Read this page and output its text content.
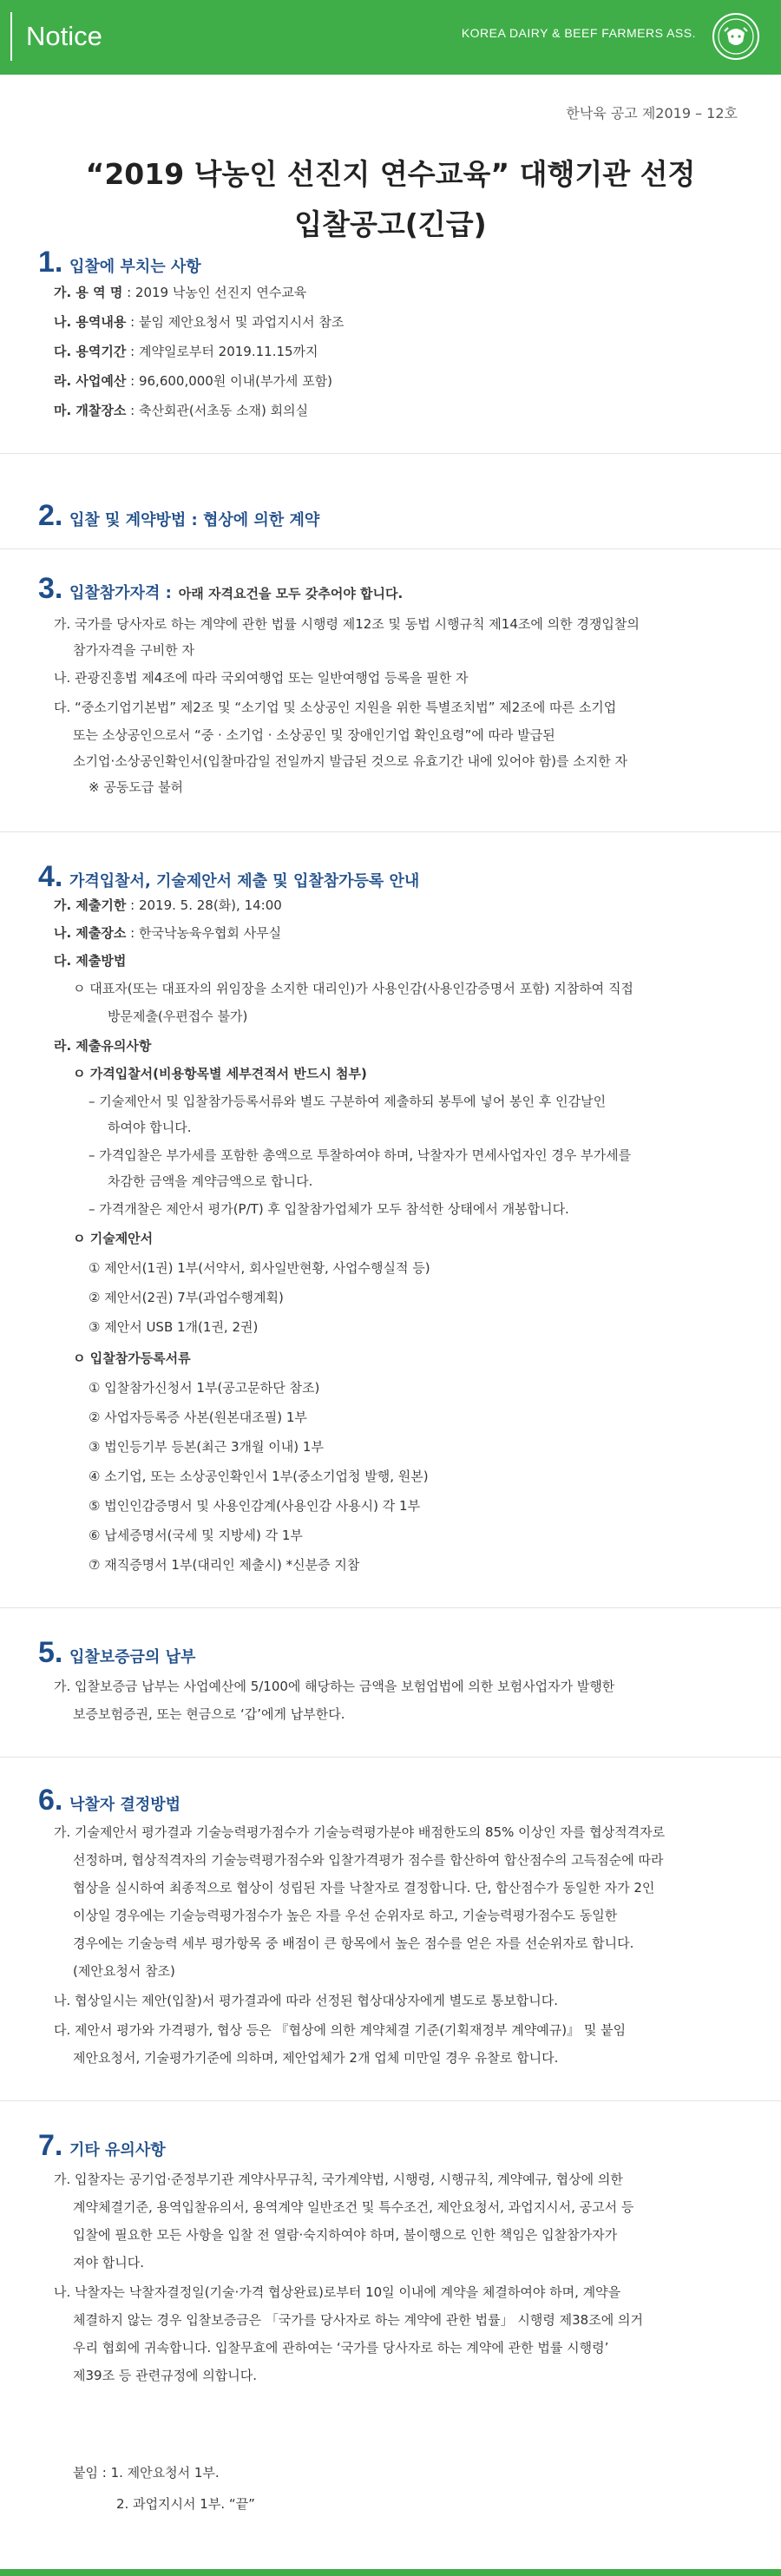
Notice	KOREA DAIRY & BEEF FARMERS ASS.
한낙육 공고 제2019 – 12호
“2019 낙농인 선진지 연수교육” 대행기관 선정
입찰공고(긴급)
1. 입찰에 부치는 사항
가. 용 역 명 : 2019 낙농인 선진지 연수교육
나. 용역내용 : 붙임 제안요청서 및 과업지시서 참조
다. 용역기간 : 계약일로부터 2019.11.15까지
라. 사업예산 : 96,600,000원 이내(부가세 포함)
마. 개찰장소 : 축산회관(서초동 소재) 회의실
2. 입찰 및 계약방법 : 협상에 의한 계약
3. 입찰참가자격 : 아래 자격요건을 모두 갖추어야 합니다.
가. 국가를 당사자로 하는 계약에 관한 법률 시행령 제12조 및 동법 시행규칙 제14조에 의한 경쟁입찰의
참가자격을 구비한 자
나. 관광진흥법 제4조에 따라 국외여행업 또는 일반여행업 등록을 필한 자
다. “중소기업기본법” 제2조 및 “소기업 및 소상공인 지원을 위한 특별조치법” 제2조에 따른 소기업
또는 소상공인으로서 “중 · 소기업 · 소상공인 및 장애인기업 확인요령”에 따라 발급된
소기업·소상공인확인서(입찰마감일 전일까지 발급된 것으로 유효기간 내에 있어야 함)를 소지한 자
※ 공동도급 불허
4. 가격입찰서, 기술제안서 제출 및 입찰참가등록 안내
가. 제출기한 : 2019. 5. 28(화), 14:00
나. 제출장소 : 한국낙농육우협회 사무실
다. 제출방법
ㅇ 대표자(또는 대표자의 위임장을 소지한 대리인)가 사용인감(사용인감증명서 포함) 지참하여 직접
방문제출(우편접수 불가)
라. 제출유의사항
ㅇ 가격입찰서(비용항목별 세부견적서 반드시 첨부)
– 기술제안서 및 입찰참가등록서류와 별도 구분하여 제출하되 봉투에 넣어 봉인 후 인감날인
하여야 합니다.
– 가격입찰은 부가세를 포함한 총액으로 투찰하여야 하며, 낙찰자가 면세사업자인 경우 부가세를
차감한 금액을 계약금액으로 합니다.
– 가격개찰은 제안서 평가(P/T) 후 입찰참가업체가 모두 참석한 상태에서 개봉합니다.
ㅇ 기술제안서
① 제안서(1권) 1부(서약서, 회사일반현황, 사업수행실적 등)
② 제안서(2권) 7부(과업수행계획)
③ 제안서 USB 1개(1권, 2권)
ㅇ 입찰참가등록서류
① 입찰참가신청서 1부(공고문하단 참조)
② 사업자등록증 사본(원본대조필) 1부
③ 법인등기부 등본(최근 3개월 이내) 1부
④ 소기업, 또는 소상공인확인서 1부(중소기업청 발행, 원본)
⑤ 법인인감증명서 및 사용인감계(사용인감 사용시) 각 1부
⑥ 납세증명서(국세 및 지방세) 각 1부
⑦ 재직증명서 1부(대리인 제출시) *신분증 지참
5. 입찰보증금의 납부
가. 입찰보증금 납부는 사업예산에 5/100에 해당하는 금액을 보험업법에 의한 보험사업자가 발행한
보증보험증권, 또는 현금으로 ‘갑’에게 납부한다.
6. 낙찰자 결정방법
가. 기술제안서 평가결과 기술능력평가점수가 기술능력평가분야 배점한도의 85% 이상인 자를 협상적격자로
선정하며, 협상적격자의 기술능력평가점수와 입찰가격평가 점수를 합산하여 합산점수의 고득점순에 따라
협상을 실시하여 최종적으로 협상이 성립된 자를 낙찰자로 결정합니다. 단, 합산점수가 동일한 자가 2인
이상일 경우에는 기술능력평가점수가 높은 자를 우선 순위자로 하고, 기술능력평가점수도 동일한
경우에는 기술능력 세부 평가항목 중 배점이 큰 항목에서 높은 점수를 얻은 자를 선순위자로 합니다.
(제안요청서 참조)
나. 협상일시는 제안(입찰)서 평가결과에 따라 선정된 협상대상자에게 별도로 통보합니다.
다. 제안서 평가와 가격평가, 협상 등은 『협상에 의한 계약체결 기준(기획재정부 계약예규)』 및 붙임
제안요청서, 기술평가기준에 의하며, 제안업체가 2개 업체 미만일 경우 유찰로 합니다.
7. 기타 유의사항
가. 입찰자는 공기업·준정부기관 계약사무규칙, 국가계약법, 시행령, 시행규칙, 계약예규, 협상에 의한
계약체결기준, 용역입찰유의서, 용역계약 일반조건 및 특수조건, 제안요청서, 과업지시서, 공고서 등
입찰에 필요한 모든 사항을 입찰 전 열람·숙지하여야 하며, 불이행으로 인한 책임은 입찰참가자가
져야 합니다.
나. 낙찰자는 낙찰자결정일(기술·가격 협상완료)로부터 10일 이내에 계약을 체결하여야 하며, 계약을
체결하지 않는 경우 입찰보증금은 「국가를 당사자로 하는 계약에 관한 법률」 시행령 제38조에 의거
우리 협회에 귀속합니다. 입찰무효에 관하여는 ‘국가를 당사자로 하는 계약에 관한 법률 시행령’
제39조 등 관련규정에 의합니다.
붙임 : 1. 제안요청서 1부.
2. 과업지시서 1부. “끝”
